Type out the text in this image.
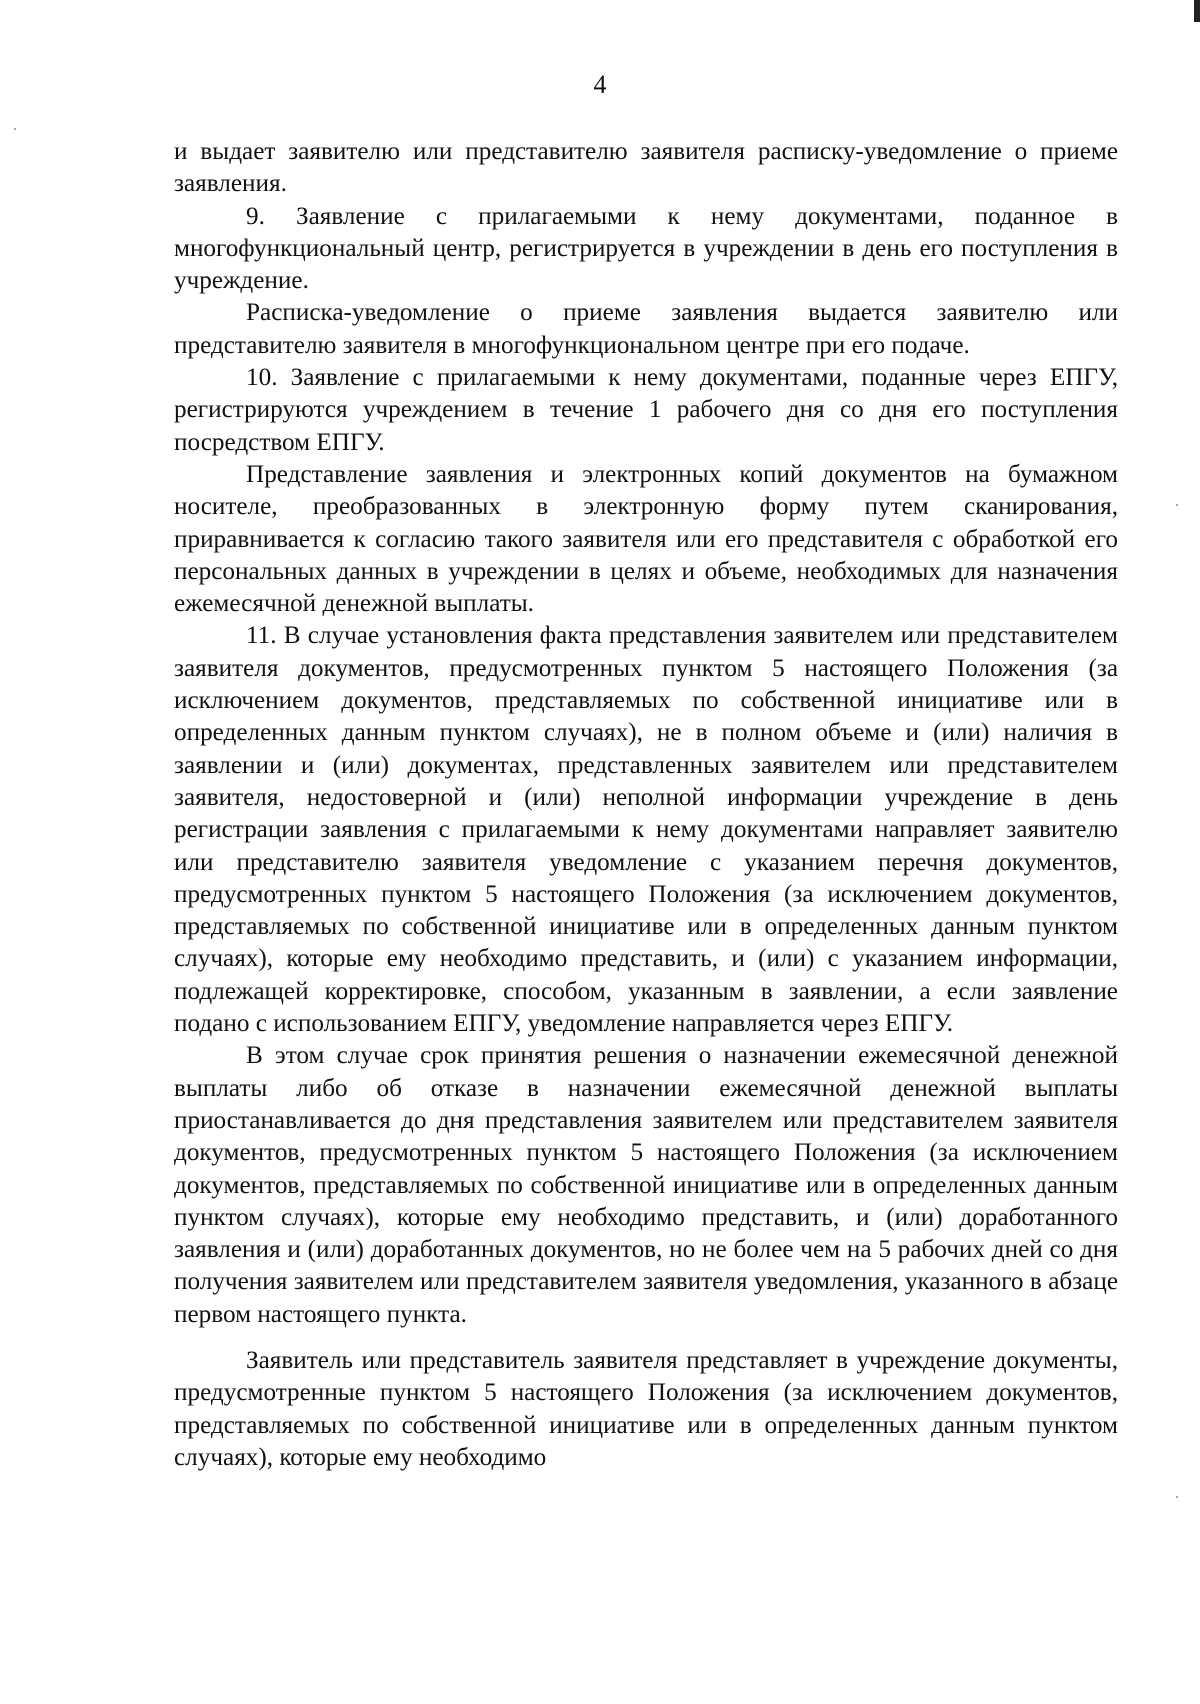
4

и выдает заявителю или представителю заявителя расписку-уведомление о приеме заявления.

9. Заявление с прилагаемыми к нему документами, поданное в многофункциональный центр, регистрируется в учреждении в день его поступления в учреждение.

Расписка-уведомление о приеме заявления выдается заявителю или представителю заявителя в многофункциональном центре при его подаче.

10. Заявление с прилагаемыми к нему документами, поданные через ЕПГУ, регистрируются учреждением в течение 1 рабочего дня со дня его поступления посредством ЕПГУ.

Представление заявления и электронных копий документов на бумажном носителе, преобразованных в электронную форму путем сканирования, приравнивается к согласию такого заявителя или его представителя с обработкой его персональных данных в учреждении в целях и объеме, необходимых для назначения ежемесячной денежной выплаты.

11. В случае установления факта представления заявителем или представителем заявителя документов, предусмотренных пунктом 5 настоящего Положения (за исключением документов, представляемых по собственной инициативе или в определенных данным пунктом случаях), не в полном объеме и (или) наличия в заявлении и (или) документах, представленных заявителем или представителем заявителя, недостоверной и (или) неполной информации учреждение в день регистрации заявления с прилагаемыми к нему документами направляет заявителю или представителю заявителя уведомление с указанием перечня документов, предусмотренных пунктом 5 настоящего Положения (за исключением документов, представляемых по собственной инициативе или в определенных данным пунктом случаях), которые ему необходимо представить, и (или) с указанием информации, подлежащей корректировке, способом, указанным в заявлении, а если заявление подано с использованием ЕПГУ, уведомление направляется через ЕПГУ.

В этом случае срок принятия решения о назначении ежемесячной денежной выплаты либо об отказе в назначении ежемесячной денежной выплаты приостанавливается до дня представления заявителем или представителем заявителя документов, предусмотренных пунктом 5 настоящего Положения (за исключением документов, представляемых по собственной инициативе или в определенных данным пунктом случаях), которые ему необходимо представить, и (или) доработанного заявления и (или) доработанных документов, но не более чем на 5 рабочих дней со дня получения заявителем или представителем заявителя уведомления, указанного в абзаце первом настоящего пункта.

Заявитель или представитель заявителя представляет в учреждение документы, предусмотренные пунктом 5 настоящего Положения (за исключением документов, представляемых по собственной инициативе или в определенных данным пунктом случаях), которые ему необходимо
